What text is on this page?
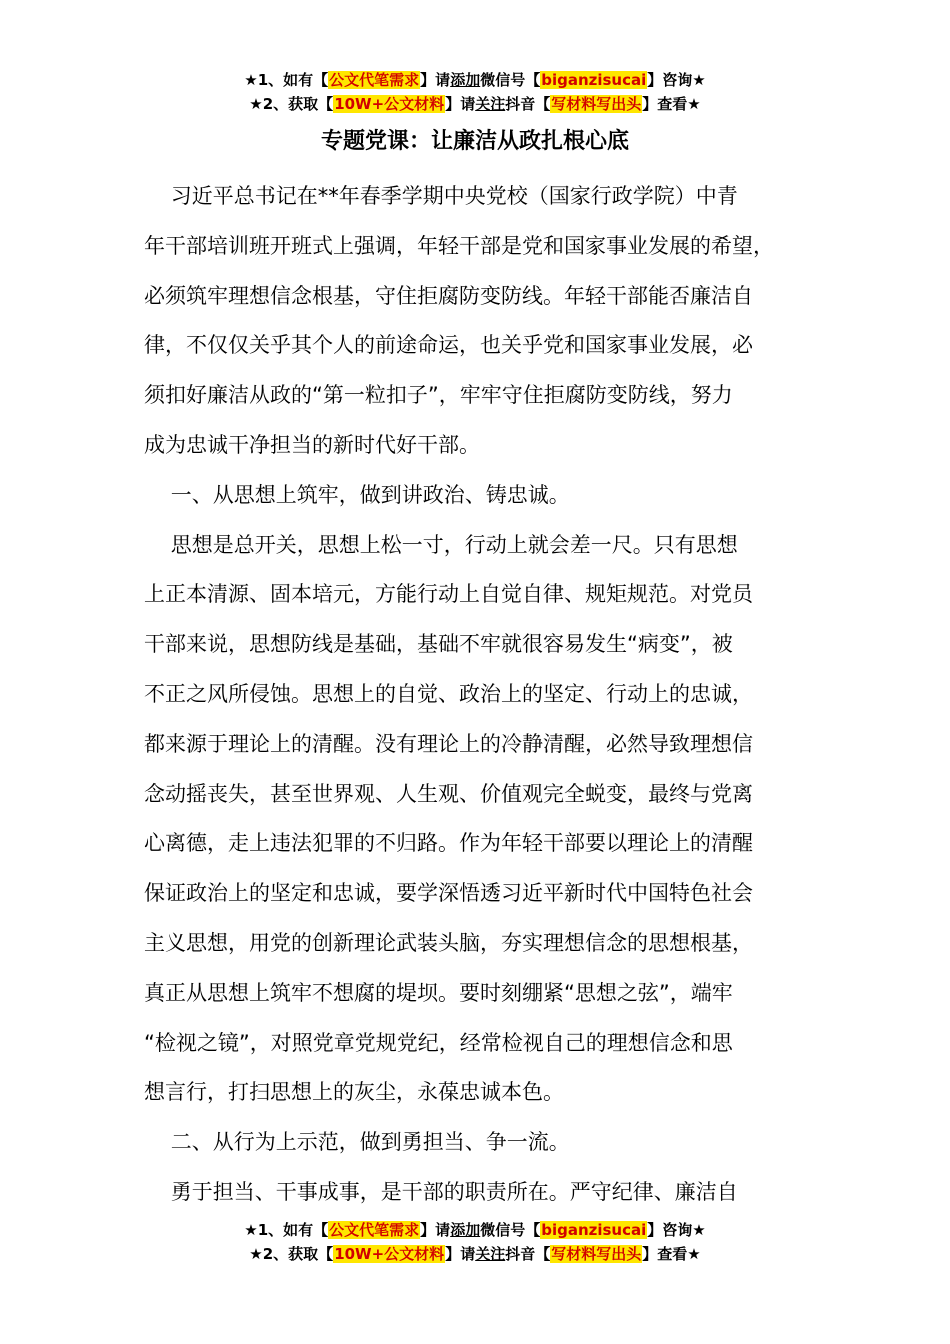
★1、如有【公文代笔需求】请添加微信号【biganzisucai】咨询★
★2、获取【10W+公文材料】请关注抖音【写材料写出头】查看★
专题党课：让廉洁从政扎根心底
习近平总书记在**年春季学期中央党校（国家行政学院）中青
年干部培训班开班式上强调，年轻干部是党和国家事业发展的希望，
必须筑牢理想信念根基，守住拒腐防变防线。年轻干部能否廉洁自
律，不仅仅关乎其个人的前途命运，也关乎党和国家事业发展，必
须扣好廉洁从政的“第一粒扣子”，牢牢守住拒腐防变防线，努力
成为忠诚干净担当的新时代好干部。
一、从思想上筑牢，做到讲政治、铸忠诚。
思想是总开关，思想上松一寸，行动上就会差一尺。只有思想
上正本清源、固本培元，方能行动上自觉自律、规矩规范。对党员
干部来说，思想防线是基础，基础不牢就很容易发生“病变”，被
不正之风所侵蚀。思想上的自觉、政治上的坚定、行动上的忠诚，
都来源于理论上的清醒。没有理论上的冷静清醒，必然导致理想信
念动摇丧失，甚至世界观、人生观、价值观完全蜕变，最终与党离
心离德，走上违法犯罪的不归路。作为年轻干部要以理论上的清醒
保证政治上的坚定和忠诚，要学深悟透习近平新时代中国特色社会
主义思想，用党的创新理论武装头脑，夯实理想信念的思想根基，
真正从思想上筑牢不想腐的堤坝。要时刻绷紧“思想之弦”，端牢
“检视之镜”，对照党章党规党纪，经常检视自己的理想信念和思
想言行，打扫思想上的灰尘，永葆忠诚本色。
二、从行为上示范，做到勇担当、争一流。
勇于担当、干事成事，是干部的职责所在。严守纪律、廉洁自
★1、如有【公文代笔需求】请添加微信号【biganzisucai】咨询★
★2、获取【10W+公文材料】请关注抖音【写材料写出头】查看★
